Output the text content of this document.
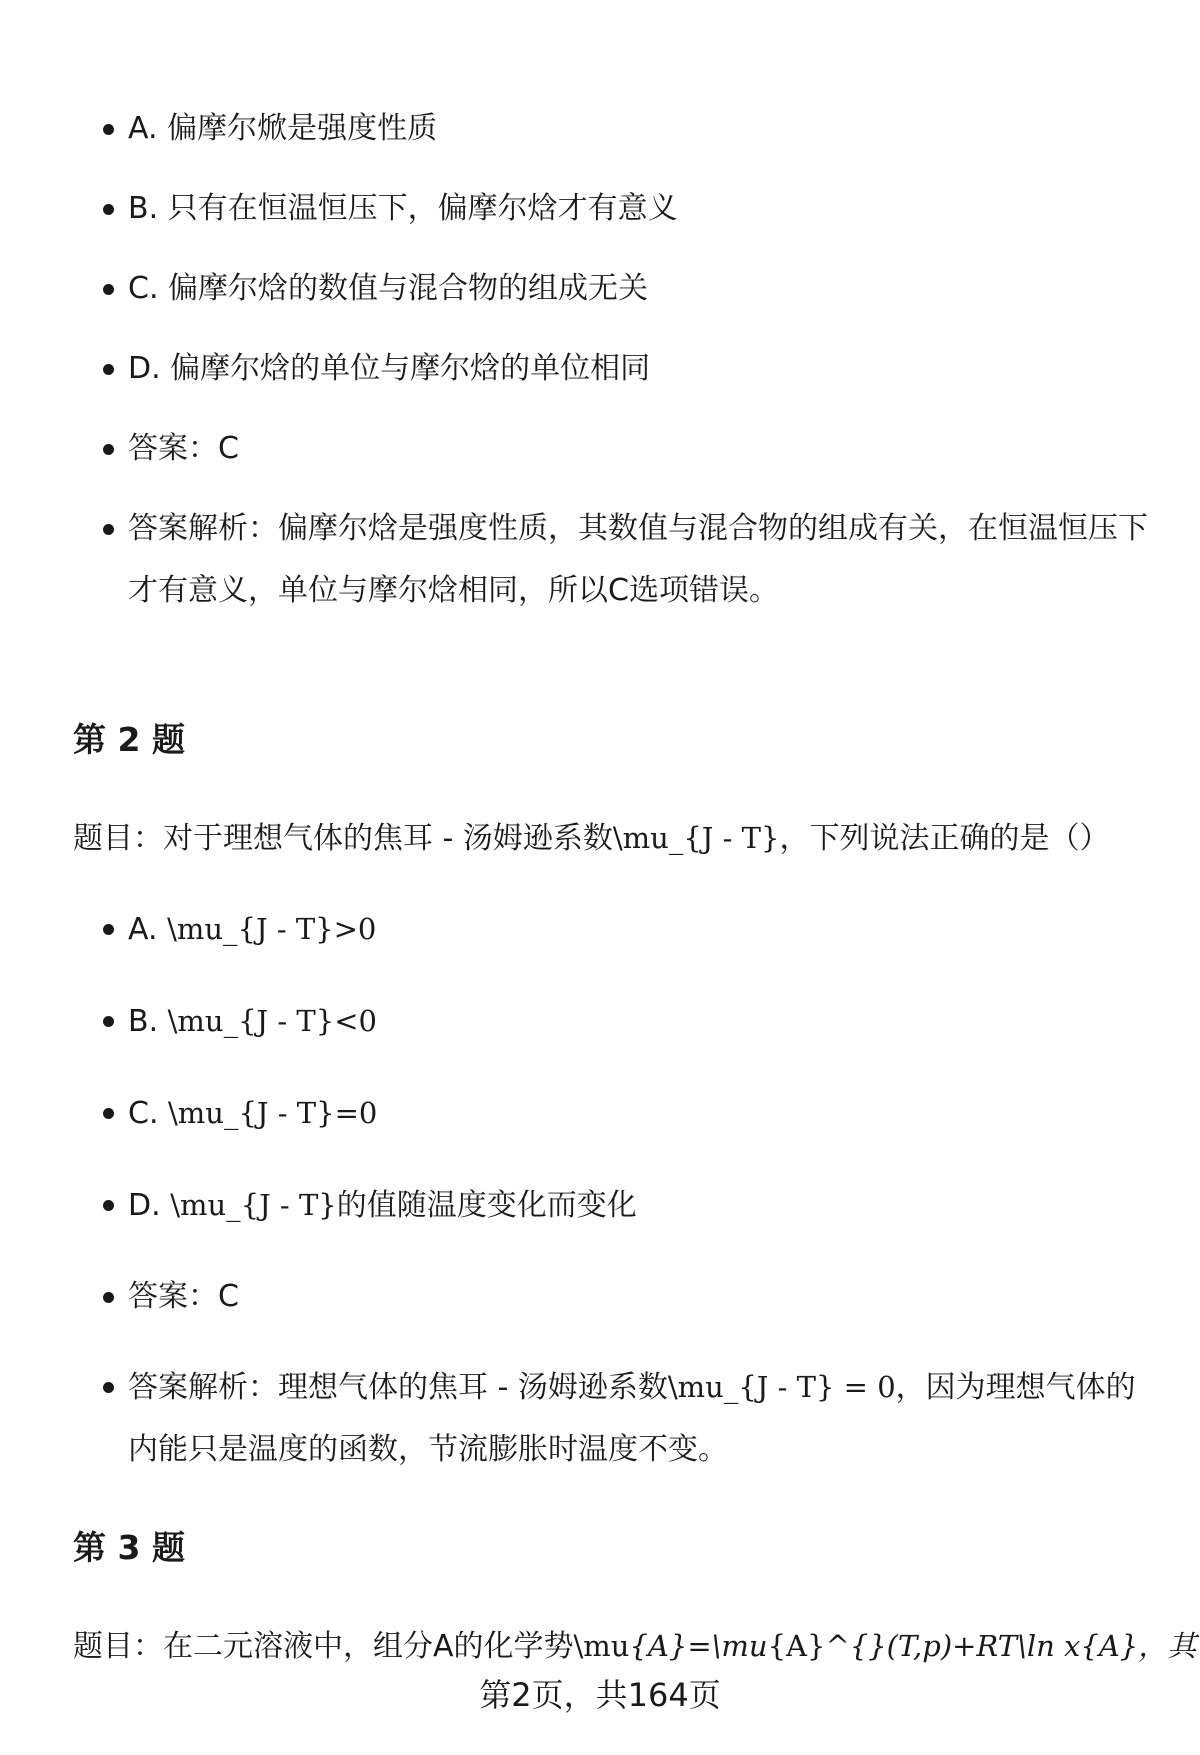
A. 偏摩尔焮是强度性质
B. 只有在恒温恒压下，偏摩尔焓才有意义
C. 偏摩尔焓的数值与混合物的组成无关
D. 偏摩尔焓的单位与摩尔焓的单位相同
答案：C
答案解析：偏摩尔焓是强度性质，其数值与混合物的组成有关，在恒温恒压下才有意义，单位与摩尔焓相同，所以C选项错误。
第 2 题
题目：对于理想气体的焦耳 - 汤姆逊系数\mu_{J - T}，下列说法正确的是（）
A. \mu_{J - T}>0
B. \mu_{J - T}<0
C. \mu_{J - T}=0
D. \mu_{J - T}的值随温度变化而变化
答案：C
答案解析：理想气体的焦耳 - 汤姆逊系数\mu_{J - T} = 0，因为理想气体的内能只是温度的函数，节流膨胀时温度不变。
第 3 题
题目：在二元溶液中，组分A的化学势\mu{A}=\mu{A}^{}(T,p)+RT\ln x{A}，其
第2页，共164页
